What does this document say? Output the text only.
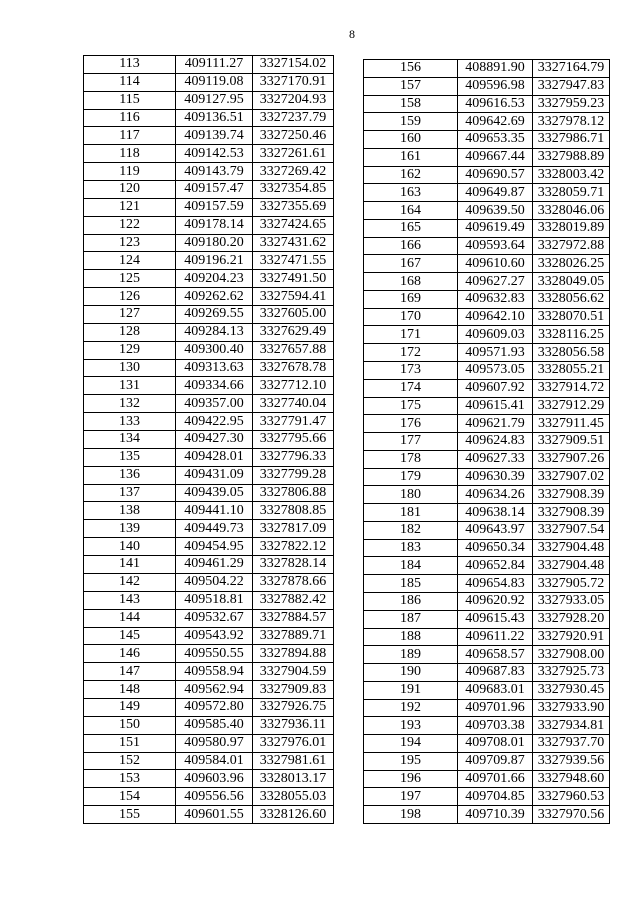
8
113	409111.27	3327154.02
114	409119.08	3327170.91
115	409127.95	3327204.93
116	409136.51	3327237.79
117	409139.74	3327250.46
118	409142.53	3327261.61
119	409143.79	3327269.42
120	409157.47	3327354.85
121	409157.59	3327355.69
122	409178.14	3327424.65
123	409180.20	3327431.62
124	409196.21	3327471.55
125	409204.23	3327491.50
126	409262.62	3327594.41
127	409269.55	3327605.00
128	409284.13	3327629.49
129	409300.40	3327657.88
130	409313.63	3327678.78
131	409334.66	3327712.10
132	409357.00	3327740.04
133	409422.95	3327791.47
134	409427.30	3327795.66
135	409428.01	3327796.33
136	409431.09	3327799.28
137	409439.05	3327806.88
138	409441.10	3327808.85
139	409449.73	3327817.09
140	409454.95	3327822.12
141	409461.29	3327828.14
142	409504.22	3327878.66
143	409518.81	3327882.42
144	409532.67	3327884.57
145	409543.92	3327889.71
146	409550.55	3327894.88
147	409558.94	3327904.59
148	409562.94	3327909.83
149	409572.80	3327926.75
150	409585.40	3327936.11
151	409580.97	3327976.01
152	409584.01	3327981.61
153	409603.96	3328013.17
154	409556.56	3328055.03
155	409601.55	3328126.60
156	408891.90 3327164.79
157	409596.98 3327947.83
158	409616.53 3327959.23
159	409642.69 3327978.12
160	409653.35 3327986.71
161	409667.44 3327988.89
162	409690.57 3328003.42
163	409649.87 3328059.71
164	409639.50 3328046.06
165	409619.49 3328019.89
166	409593.64 3327972.88
167	409610.60 3328026.25
168	409627.27 3328049.05
169	409632.83 3328056.62
170	409642.10 3328070.51
171	409609.03 3328116.25
172	409571.93 3328056.58
173	409573.05 3328055.21
174	409607.92 3327914.72
175	409615.41 3327912.29
176	409621.79 3327911.45
177	409624.83 3327909.51
178	409627.33 3327907.26
179	409630.39 3327907.02
180	409634.26 3327908.39
181	409638.14 3327908.39
182	409643.97 3327907.54
183	409650.34 3327904.48
184	409652.84 3327904.48
185	409654.83 3327905.72
186	409620.92 3327933.05
187	409615.43 3327928.20
188	409611.22 3327920.91
189	409658.57 3327908.00
190	409687.83 3327925.73
191	409683.01 3327930.45
192	409701.96 3327933.90
193	409703.38 3327934.81
194	409708.01 3327937.70
195	409709.87 3327939.56
196	409701.66 3327948.60
197	409704.85 3327960.53
198	409710.39 3327970.56
